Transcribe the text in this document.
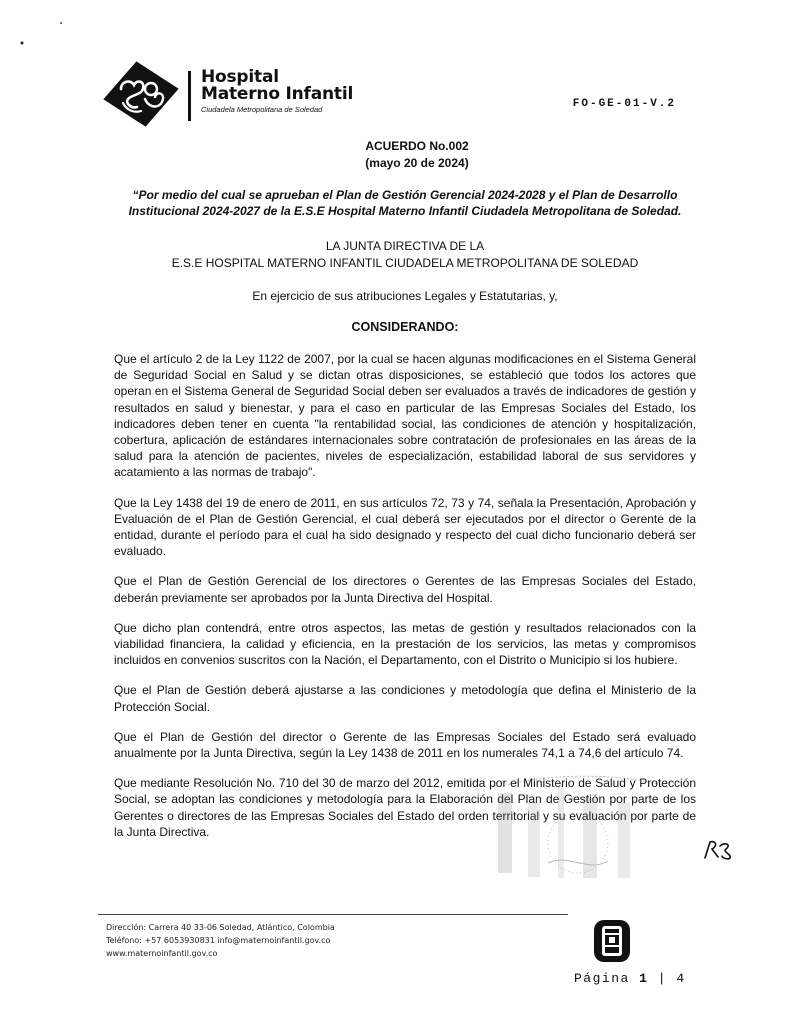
Hospital
Materno Infantil
Ciudadela Metropolitana de Soledad	FO-GE-01-V.2
ACUERDO No.002
(mayo 20 de 2024)
“Por medio del cual se aprueban el Plan de Gestión Gerencial 2024-2028 y el Plan de Desarrollo Institucional 2024-2027 de la E.S.E Hospital Materno Infantil Ciudadela Metropolitana de Soledad.
LA JUNTA DIRECTIVA DE LA
E.S.E HOSPITAL MATERNO INFANTIL CIUDADELA METROPOLITANA DE SOLEDAD
En ejercicio de sus atribuciones Legales y Estatutarias, y,
CONSIDERANDO:

Que el artículo 2 de la Ley 1122 de 2007, por la cual se hacen algunas modificaciones en el Sistema General de Seguridad Social en Salud y se dictan otras disposiciones, se estableció que todos los actores que operan en el Sistema General de Seguridad Social deben ser evaluados a través de indicadores de gestión y resultados en salud y bienestar, y para el caso en particular de las Empresas Sociales del Estado, los indicadores deben tener en cuenta "la rentabilidad social, las condiciones de atención y hospitalización, cobertura, aplicación de estándares internacionales sobre contratación de profesionales en las áreas de la salud para la atención de pacientes, niveles de especialización, estabilidad laboral de sus servidores y acatamiento a las normas de trabajo".

Que la Ley 1438 del 19 de enero de 2011, en sus artículos 72, 73 y 74, señala la Presentación, Aprobación y Evaluación de el Plan de Gestión Gerencial, el cual deberá ser ejecutados por el director o Gerente de la entidad, durante el período para el cual ha sido designado y respecto del cual dicho funcionario deberá ser evaluado.

Que el Plan de Gestión Gerencial de los directores o Gerentes de las Empresas Sociales del Estado, deberán previamente ser aprobados por la Junta Directiva del Hospital.

Que dicho plan contendrá, entre otros aspectos, las metas de gestión y resultados relacionados con la viabilidad financiera, la calidad y eficiencia, en la prestación de los servicios, las metas y compromisos incluidos en convenios suscritos con la Nación, el Departamento, con el Distrito o Municipio si los hubiere.

Que el Plan de Gestión deberá ajustarse a las condiciones y metodología que defina el Ministerio de la Protección Social.

Que el Plan de Gestión del director o Gerente de las Empresas Sociales del Estado será evaluado anualmente por la Junta Directiva, según la Ley 1438 de 2011 en los numerales 74,1 a 74,6 del artículo 74.

Que mediante Resolución No. 710 del 30 de marzo del 2012, emitida por el Ministerio de Salud y Protección Social, se adoptan las condiciones y metodología para la Elaboración del Plan de Gestión por parte de los Gerentes o directores de las Empresas Sociales del Estado del orden territorial y su evaluación por parte de la Junta Directiva.

Dirección: Carrera 40 33-06 Soledad, Atlántico, Colombia
Teléfono: +57 6053930831 info@maternoinfantil.gov.co
www.maternoinfantil.gov.co
Página 1 | 4
